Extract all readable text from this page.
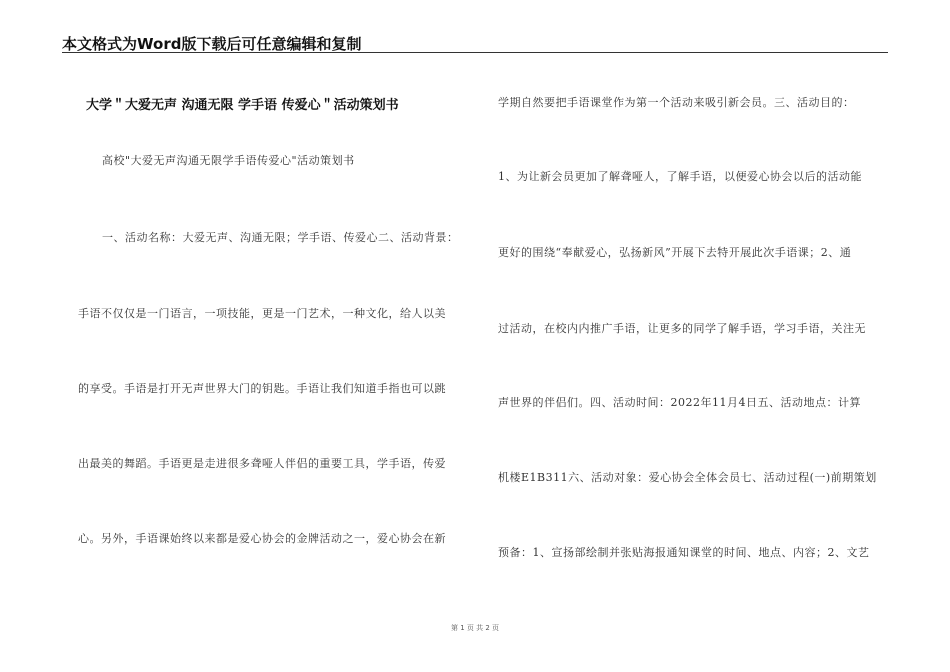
本文格式为Word版下载后可任意编辑和复制
大学＂大爱无声 沟通无限 学手语 传爱心＂活动策划书
高校"大爱无声沟通无限学手语传爱心"活动策划书
一、活动名称：大爱无声、沟通无限；学手语、传爱心二、活动背景：
手语不仅仅是一门语言，一项技能，更是一门艺术，一种文化，给人以美
的享受。手语是打开无声世界大门的钥匙。手语让我们知道手指也可以跳
出最美的舞蹈。手语更是走进很多聋哑人伴侣的重要工具，学手语，传爱
心。另外，手语课始终以来都是爱心协会的金牌活动之一，爱心协会在新
学期自然要把手语课堂作为第一个活动来吸引新会员。三、活动目的：
1、为让新会员更加了解聋哑人，了解手语，以便爱心协会以后的活动能
更好的围绕“奉献爱心，弘扬新风”开展下去特开展此次手语课；2、通
过活动，在校内内推广手语，让更多的同学了解手语，学习手语，关注无
声世界的伴侣们。四、活动时间：2022年11月4日五、活动地点：计算
机楼E1B311六、活动对象：爱心协会全体会员七、活动过程(一)前期策划
预备：1、宣扬部绘制并张贴海报通知课堂的时间、地点、内容；2、文艺
第 1 页 共 2 页
